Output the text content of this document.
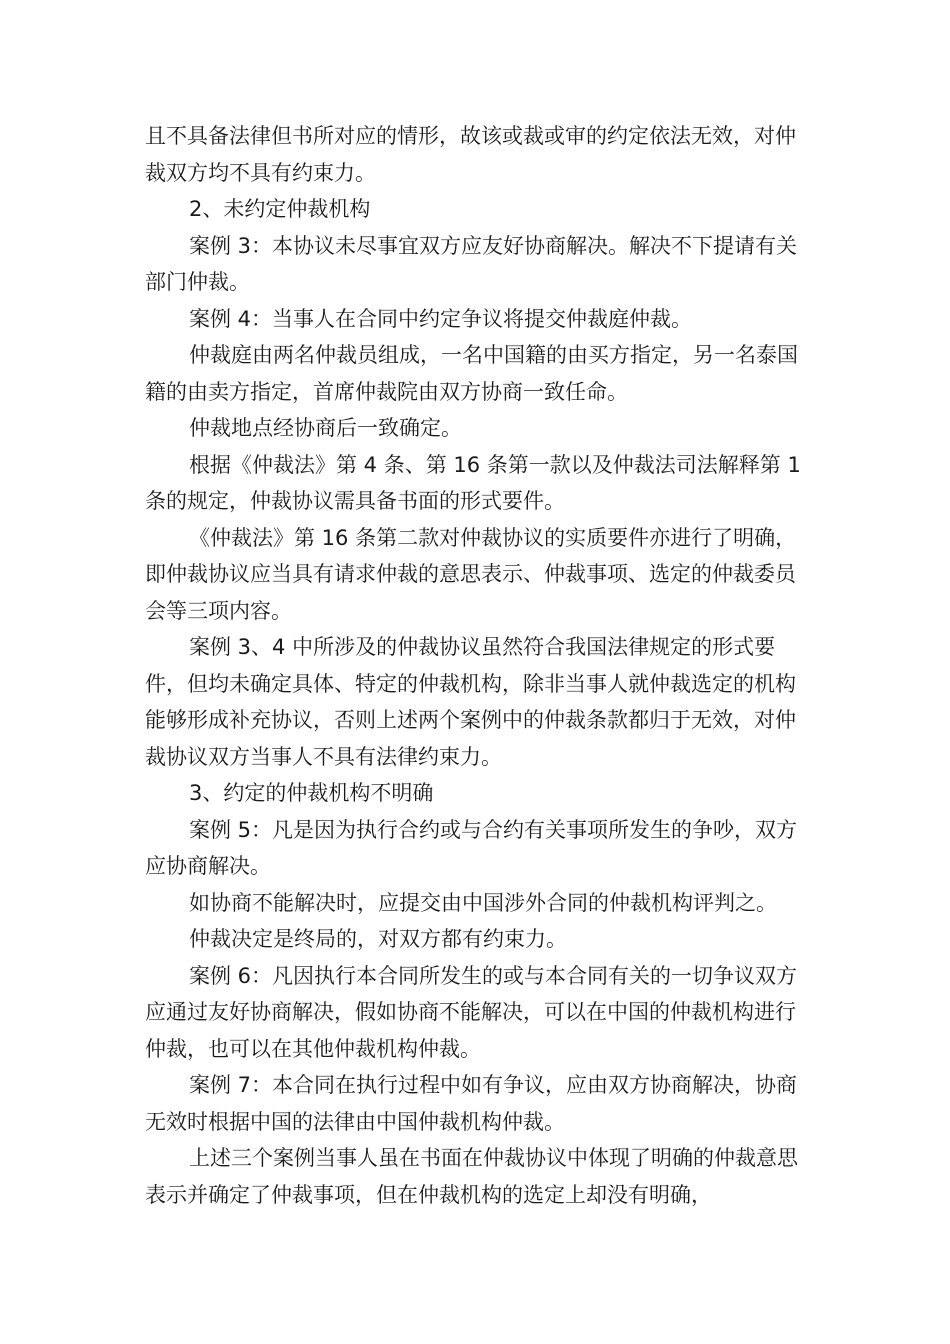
且不具备法律但书所对应的情形，故该或裁或审的约定依法无效，对仲裁双方均不具有约束力。

2、未约定仲裁机构

案例 3：本协议未尽事宜双方应友好协商解决。解决不下提请有关部门仲裁。

案例 4：当事人在合同中约定争议将提交仲裁庭仲裁。

仲裁庭由两名仲裁员组成，一名中国籍的由买方指定，另一名泰国籍的由卖方指定，首席仲裁院由双方协商一致任命。

仲裁地点经协商后一致确定。

根据《仲裁法》第 4 条、第 16 条第一款以及仲裁法司法解释第 1 条的规定，仲裁协议需具备书面的形式要件。

《仲裁法》第 16 条第二款对仲裁协议的实质要件亦进行了明确，即仲裁协议应当具有请求仲裁的意思表示、仲裁事项、选定的仲裁委员会等三项内容。

案例 3、4 中所涉及的仲裁协议虽然符合我国法律规定的形式要件，但均未确定具体、特定的仲裁机构，除非当事人就仲裁选定的机构能够形成补充协议，否则上述两个案例中的仲裁条款都归于无效，对仲裁协议双方当事人不具有法律约束力。

3、约定的仲裁机构不明确

案例 5：凡是因为执行合约或与合约有关事项所发生的争吵，双方应协商解决。

如协商不能解决时，应提交由中国涉外合同的仲裁机构评判之。

仲裁决定是终局的，对双方都有约束力。

案例 6：凡因执行本合同所发生的或与本合同有关的一切争议双方应通过友好协商解决，假如协商不能解决，可以在中国的仲裁机构进行仲裁，也可以在其他仲裁机构仲裁。

案例 7：本合同在执行过程中如有争议，应由双方协商解决，协商无效时根据中国的法律由中国仲裁机构仲裁。

上述三个案例当事人虽在书面在仲裁协议中体现了明确的仲裁意思表示并确定了仲裁事项，但在仲裁机构的选定上却没有明确，
